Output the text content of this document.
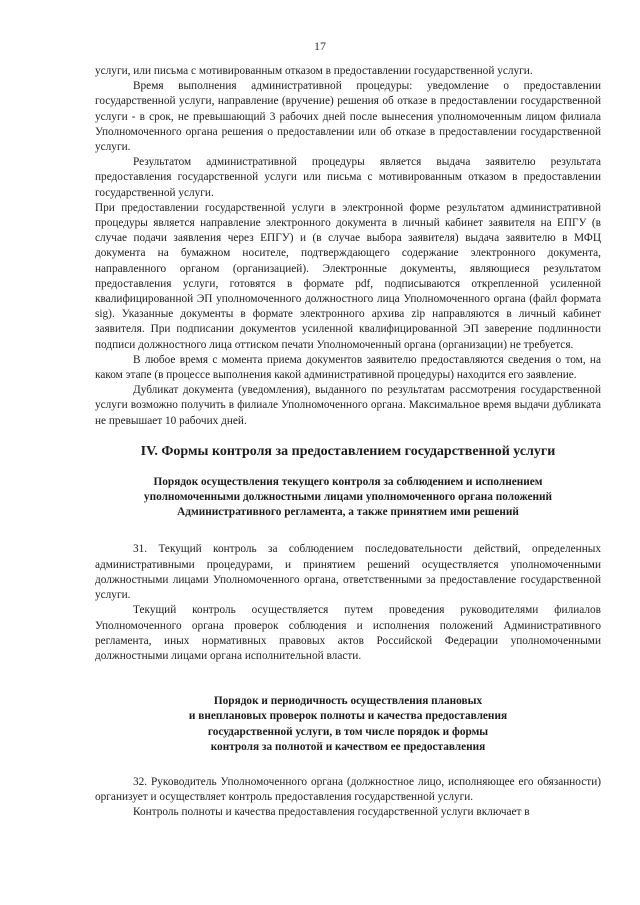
17

услуги, или письма с мотивированным отказом в предоставлении государственной услуги.

Время выполнения административной процедуры: уведомление о предоставлении государственной услуги, направление (вручение) решения об отказе в предоставлении государственной услуги - в срок, не превышающий 3 рабочих дней после вынесения уполномоченным лицом филиала Уполномоченного органа решения о предоставлении или об отказе в предоставлении государственной услуги.

Результатом административной процедуры является выдача заявителю результата предоставления государственной услуги или письма с мотивированным отказом в предоставлении государственной услуги.

При предоставлении государственной услуги в электронной форме результатом административной процедуры является направление электронного документа в личный кабинет заявителя на ЕПГУ (в случае подачи заявления через ЕПГУ) и (в случае выбора заявителя) выдача заявителю в МФЦ документа на бумажном носителе, подтверждающего содержание электронного документа, направленного органом (организацией). Электронные документы, являющиеся результатом предоставления услуги, готовятся в формате pdf, подписываются открепленной усиленной квалифицированной ЭП уполномоченного должностного лица Уполномоченного органа (файл формата sig). Указанные документы в формате электронного архива zip направляются в личный кабинет заявителя. При подписании документов усиленной квалифицированной ЭП заверение подлинности подписи должностного лица оттиском печати Уполномоченный органа (организации) не требуется.

В любое время с момента приема документов заявителю предоставляются сведения о том, на каком этапе (в процессе выполнения какой административной процедуры) находится его заявление.

Дубликат документа (уведомления), выданного по результатам рассмотрения государственной услуги возможно получить в филиале Уполномоченного органа. Максимальное время выдачи дубликата не превышает 10 рабочих дней.

IV. Формы контроля за предоставлением государственной услуги
Порядок осуществления текущего контроля за соблюдением и исполнением
уполномоченными должностными лицами уполномоченного органа положений
Административного регламента, а также принятием ими решений

31. Текущий контроль за соблюдением последовательности действий, определенных административными процедурами, и принятием решений осуществляется уполномоченными должностными лицами Уполномоченного органа, ответственными за предоставление государственной услуги.

Текущий контроль осуществляется путем проведения руководителями филиалов Уполномоченного органа проверок соблюдения и исполнения положений Административного регламента, иных нормативных правовых актов Российской Федерации уполномоченными должностными лицами органа исполнительной власти.

Порядок и периодичность осуществления плановых
и внеплановых проверок полноты и качества предоставления
государственной услуги, в том числе порядок и формы
контроля за полнотой и качеством ее предоставления

32. Руководитель Уполномоченного органа (должностное лицо, исполняющее его обязанности) организует и осуществляет контроль предоставления государственной услуги.

Контроль полноты и качества предоставления государственной услуги включает в
